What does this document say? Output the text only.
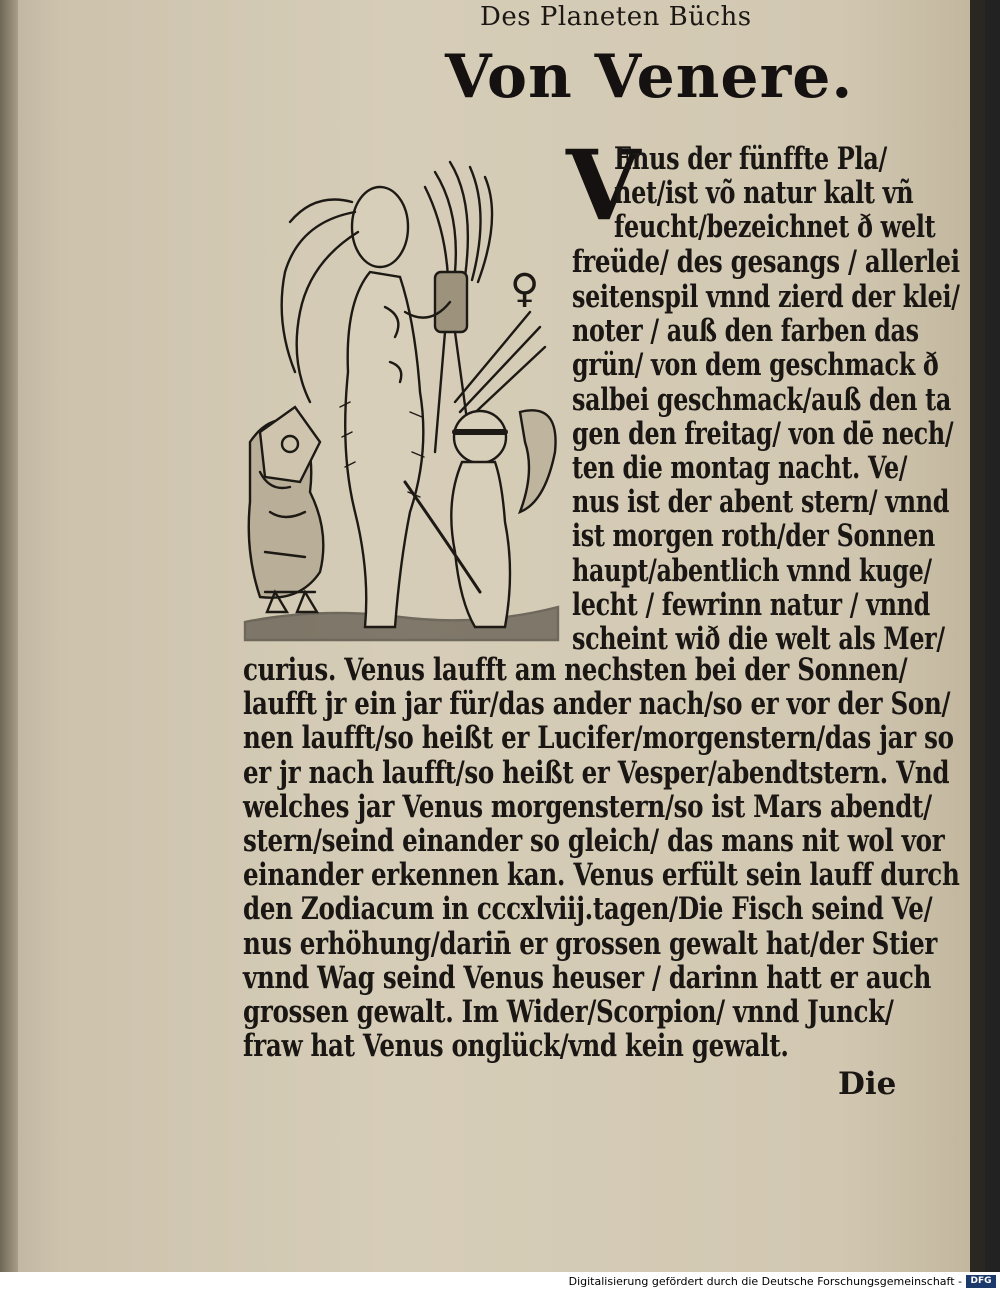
Des Planeten Büchs
Von Venere.
V
♀
Enus der fünffte Pla/
net/ist võ natur kalt vñ
feucht/bezeichnet ð welt
freüde/ des gesangs / allerlei
seitenspil vnnd zierd der klei/
noter / auß den farben das
grün/ von dem geschmack ð
salbei geschmack/auß den ta
gen den freitag/ von dē nech/
ten die montag nacht. Ve/
nus ist der abent stern/ vnnd
ist morgen roth/der Sonnen
haupt/abentlich vnnd kuge/
lecht / fewrinn natur / vnnd
scheint wið die welt als Mer/
curius. Venus laufft am nechsten bei der Sonnen/
laufft jr ein jar für/das ander nach/so er vor der Son/
nen laufft/so heißt er Lucifer/morgenstern/das jar so
er jr nach laufft/so heißt er Vesper/abendtstern. Vnd
welches jar Venus morgenstern/so ist Mars abendt/
stern/seind einander so gleich/ das mans nit wol vor
einander erkennen kan. Venus erfült sein lauff durch
den Zodiacum in cccxlviij.tagen/Die Fisch seind Ve/
nus erhöhung/darin̄ er grossen gewalt hat/der Stier
vnnd Wag seind Venus heuser / darinn hatt er auch
grossen gewalt. Im Wider/Scorpion/ vnnd Junck/
fraw hat Venus onglück/vnd kein gewalt.
Die
Digitalisierung gefördert durch die Deutsche Forschungsgemeinschaft - DFG
